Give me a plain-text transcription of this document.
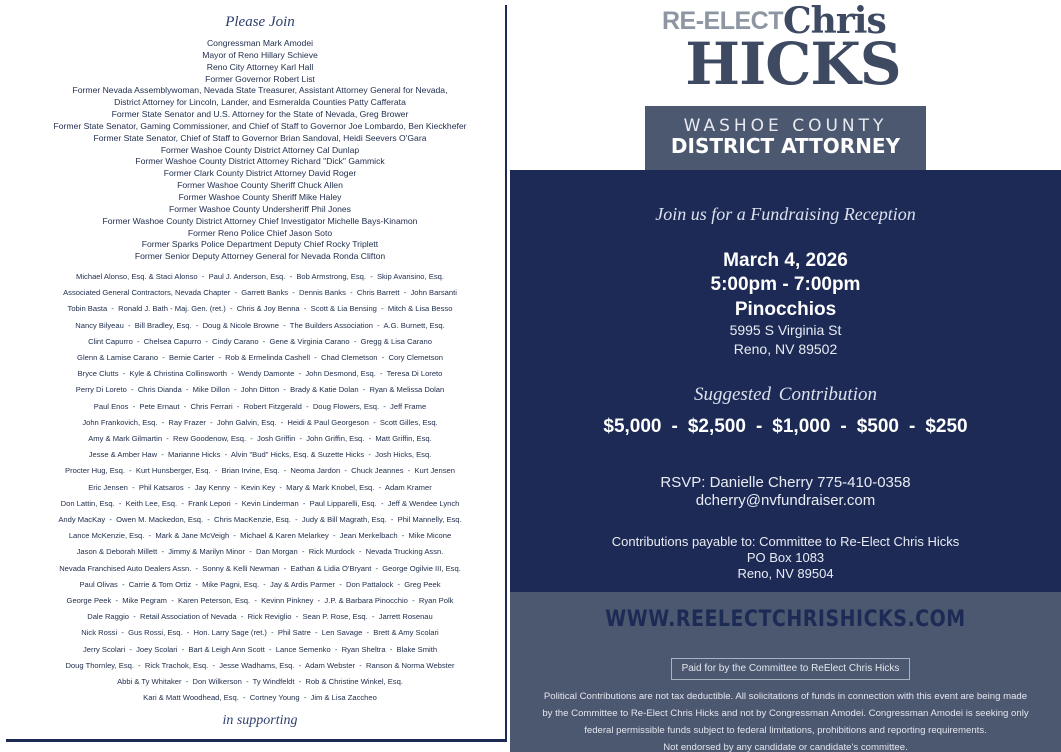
Please Join
Congressman Mark Amodei
Mayor of Reno Hillary Schieve
Reno City Attorney Karl Hall
Former Governor Robert List
Former Nevada Assemblywoman, Nevada State Treasurer, Assistant Attorney General for Nevada,
District Attorney for Lincoln, Lander, and Esmeralda Counties Patty Cafferata
Former State Senator and U.S. Attorney for the State of Nevada, Greg Brower
Former State Senator, Gaming Commissioner, and Chief of Staff to Governor Joe Lombardo, Ben Kieckhefer
Former State Senator, Chief of Staff to Governor Brian Sandoval, Heidi Seevers O'Gara
Former Washoe County District Attorney Cal Dunlap
Former Washoe County District Attorney Richard "Dick" Gammick
Former Clark County District Attorney David Roger
Former Washoe County Sheriff Chuck Allen
Former Washoe County Sheriff Mike Haley
Former Washoe County Undersheriff Phil Jones
Former Washoe County District Attorney Chief Investigator Michelle Bays-Kinamon
Former Reno Police Chief Jason Soto
Former Sparks Police Department Deputy Chief Rocky Triplett
Former Senior Deputy Attorney General for Nevada Ronda Clifton
Michael Alonso, Esq. & Staci Alonso  -  Paul J. Anderson, Esq.  -  Bob Armstrong, Esq.  -  Skip Avansino, Esq.
Associated General Contractors, Nevada Chapter  -  Garrett Banks  -  Dennis Banks  -  Chris Barrett  -  John Barsanti
Tobin Basta  -  Ronald J. Bath - Maj. Gen. (ret.)  -  Chris & Joy Benna  -  Scott & Lia Bensing  -  Mitch & Lisa Besso
Nancy Bilyeau  -  Bill Bradley, Esq.  -  Doug & Nicole Browne  -  The Builders Association  -  A.G. Burnett, Esq.
Clint Capurro  -  Chelsea Capurro  -  Cindy Carano  -  Gene & Virginia Carano  -  Gregg & Lisa Carano
Glenn & Lamise Carano  -  Bernie Carter  -  Rob & Ermelinda Cashell  -  Chad Clemetson  -  Cory Clemetson
Bryce Clutts  -  Kyle & Christina Collinsworth  -  Wendy Damonte  -  John Desmond, Esq.  -  Teresa Di Loreto
Perry Di Loreto  -  Chris Dianda  -  Mike Dillon  -  John Ditton  -  Brady & Katie Dolan  -  Ryan & Melissa Dolan
Paul Enos  -  Pete Ernaut  -  Chris Ferrari  -  Robert Fitzgerald  -  Doug Flowers, Esq.  -  Jeff Frame
John Frankovich, Esq.  -  Ray Frazer  -  John Galvin, Esq.  -  Heidi & Paul Georgeson  -  Scott Gilles, Esq.
Amy & Mark Gilmartin  -  Rew Goodenow, Esq.  -  Josh Griffin  -  John Griffin, Esq.  -  Matt Griffin, Esq.
Jesse & Amber Haw  -  Marianne Hicks  -  Alvin "Bud" Hicks, Esq. & Suzette Hicks  -  Josh Hicks, Esq.
Procter Hug, Esq.  -  Kurt Hunsberger, Esq.  -  Brian Irvine, Esq.  -  Neoma Jardon  -  Chuck Jeannes  -  Kurt Jensen
Eric Jensen  -  Phil Katsaros  -  Jay Kenny  -  Kevin Key  -  Mary & Mark Knobel, Esq.  -  Adam Kramer
Don Lattin, Esq.  -  Keith Lee, Esq.  -  Frank Lepori  -  Kevin Linderman  -  Paul Lipparelli, Esq.  -  Jeff & Wendee Lynch
Andy MacKay  -  Owen M. Mackedon, Esq.  -  Chris MacKenzie, Esq.  -  Judy & Bill Magrath, Esq.  -  Phil Mannelly, Esq.
Lance McKenzie, Esq.  -  Mark & Jane McVeigh  -  Michael & Karen Melarkey  -  Jean Merkelbach  -  Mike Micone
Jason & Deborah Millett  -  Jimmy & Marilyn Minor  -  Dan Morgan  -  Rick Murdock  -  Nevada Trucking Assn.
Nevada Franchised Auto Dealers Assn.  -  Sonny & Kelli Newman  -  Eathan & Lidia O'Bryant  -  George Ogilvie III, Esq.
Paul Olivas  -  Carrie & Tom Ortiz  -  Mike Pagni, Esq.  -  Jay & Ardis Parmer  -  Don Pattalock  -  Greg Peek
George Peek  -  Mike Pegram  -  Karen Peterson, Esq.  -  Kevinn Pinkney  -  J.P. & Barbara Pinocchio  -  Ryan Polk
Dale Raggio  -  Retail Association of Nevada  -  Rick Reviglio  -  Sean P. Rose, Esq.  -  Jarrett Rosenau
Nick Rossi  -  Gus Rossi, Esq.  -  Hon. Larry Sage (ret.)  -  Phil Satre  -  Len Savage  -  Brett & Amy Scolari
Jerry Scolari  -  Joey Scolari  -  Bart & Leigh Ann Scott  -  Lance Semenko  -  Ryan Sheltra  -  Blake Smith
Doug Thornley, Esq.  -  Rick Trachok, Esq.  -  Jesse Wadhams, Esq.  -  Adam Webster  -  Ranson & Norma Webster
Abbi & Ty Whitaker  -  Don Wilkerson  -  Ty Windfeldt  -  Rob & Christine Winkel, Esq.
Kari & Matt Woodhead, Esq.  -  Cortney Young  -  Jim & Lisa Zaccheo
in supporting
RE-ELECTChris
HICKS
WASHOE COUNTY
DISTRICT ATTORNEY
Join us for a Fundraising Reception
March 4, 2026
5:00pm - 7:00pm
Pinocchios
5995 S Virginia St
Reno, NV 89502
Suggested Contribution
$5,000 - $2,500 - $1,000 - $500 - $250
RSVP: Danielle Cherry 775-410-0358
dcherry@nvfundraiser.com
Contributions payable to: Committee to Re-Elect Chris Hicks
PO Box 1083
Reno, NV 89504
WWW.REELECTCHRISHICKS.COM
Paid for by the Committee to ReElect Chris Hicks
Political Contributions are not tax deductible. All solicitations of funds in connection with this event are being made
by the Committee to Re-Elect Chris Hicks and not by Congressman Amodei. Congressman Amodei is seeking only
federal permissible funds subject to federal limitations, prohibitions and reporting requirements.
Not endorsed by any candidate or candidate's committee.
